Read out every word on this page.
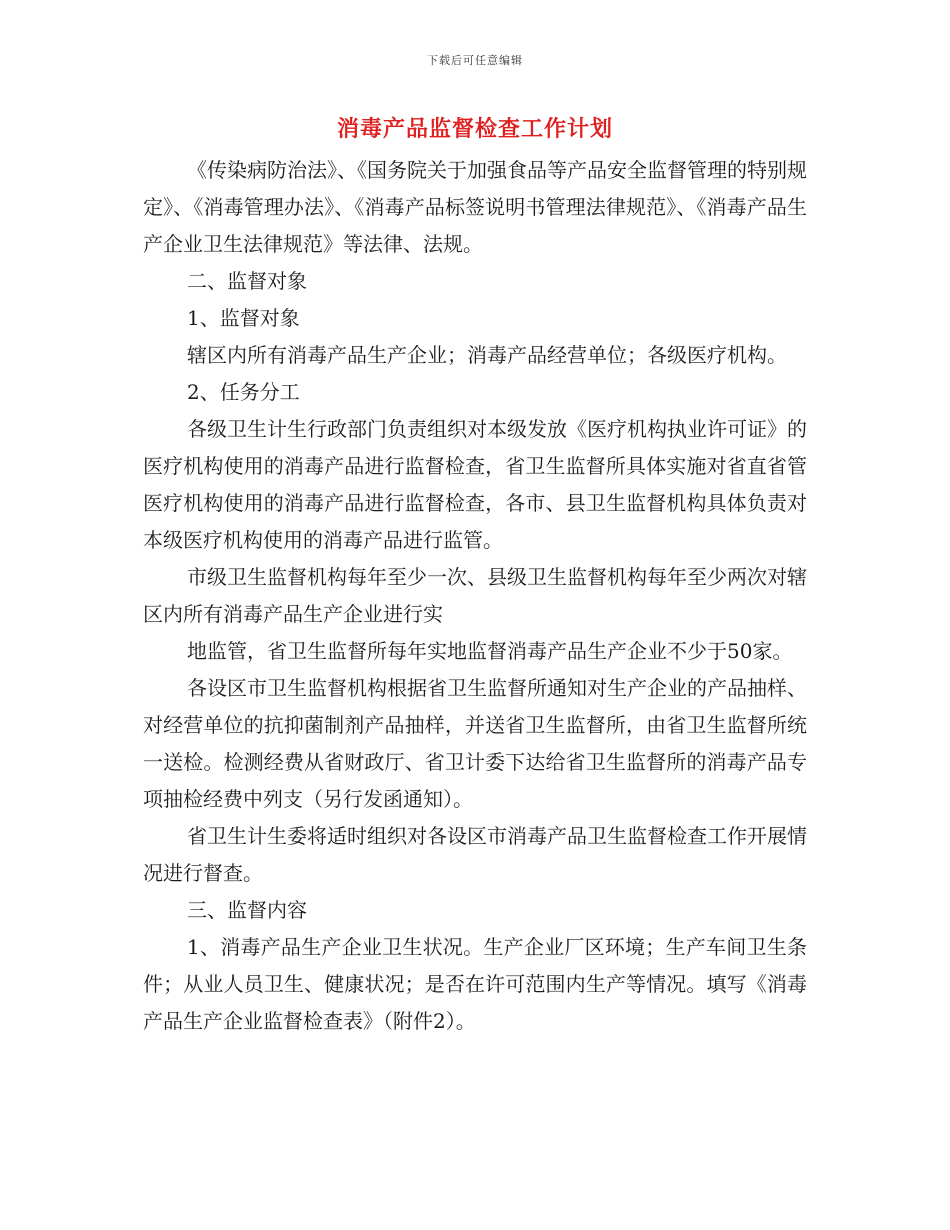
下载后可任意编辑
消毒产品监督检查工作计划

《传染病防治法》、《国务院关于加强食品等产品安全监督管理的特别规定》、《消毒管理办法》、《消毒产品标签说明书管理法律规范》、《消毒产品生产企业卫生法律规范》等法律、法规。

二、监督对象

1、监督对象

辖区内所有消毒产品生产企业；消毒产品经营单位；各级医疗机构。

2、任务分工

各级卫生计生行政部门负责组织对本级发放《医疗机构执业许可证》的医疗机构使用的消毒产品进行监督检查，省卫生监督所具体实施对省直省管医疗机构使用的消毒产品进行监督检查，各市、县卫生监督机构具体负责对本级医疗机构使用的消毒产品进行监管。

市级卫生监督机构每年至少一次、县级卫生监督机构每年至少两次对辖区内所有消毒产品生产企业进行实

地监管，省卫生监督所每年实地监督消毒产品生产企业不少于50家。

各设区市卫生监督机构根据省卫生监督所通知对生产企业的产品抽样、对经营单位的抗抑菌制剂产品抽样，并送省卫生监督所，由省卫生监督所统一送检。检测经费从省财政厅、省卫计委下达给省卫生监督所的消毒产品专项抽检经费中列支（另行发函通知）。

省卫生计生委将适时组织对各设区市消毒产品卫生监督检查工作开展情况进行督查。

三、监督内容

1、消毒产品生产企业卫生状况。生产企业厂区环境；生产车间卫生条件；从业人员卫生、健康状况；是否在许可范围内生产等情况。填写《消毒产品生产企业监督检查表》（附件2）。
